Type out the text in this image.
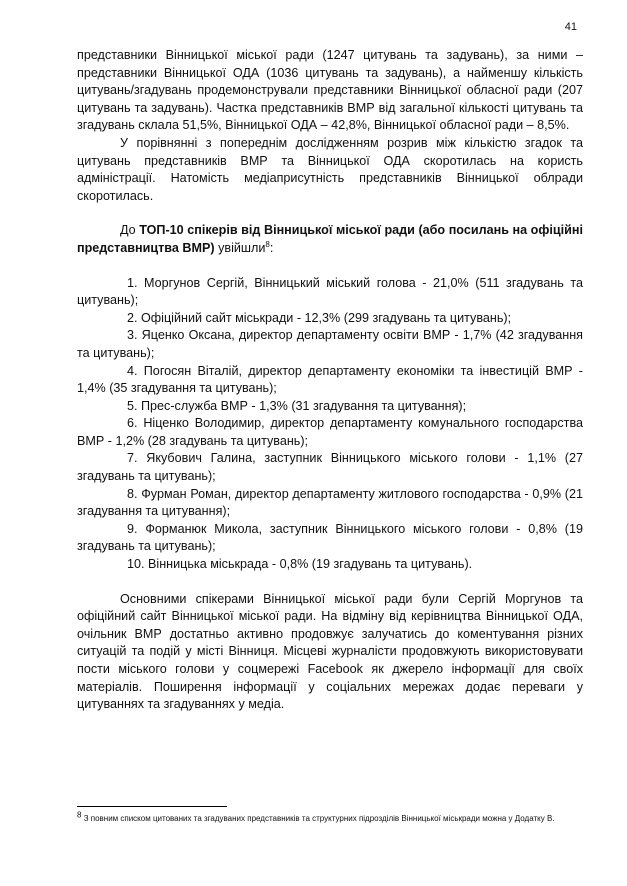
41

представники Вінницької міської ради (1247 цитувань та задувань), за ними – представники Вінницької ОДА (1036 цитувань та задувань), а найменшу кількість цитувань/згадувань продемонстрували представники Вінницької обласної ради (207 цитувань та задувань). Частка представників ВМР від загальної кількості цитувань та згадувань склала 51,5%, Вінницької ОДА – 42,8%, Вінницької обласної ради – 8,5%.

У порівнянні з попереднім дослідженням розрив між кількістю згадок та цитувань представників ВМР та Вінницької ОДА скоротилась на користь адміністрації. Натомість медіаприсутність представників Вінницької облради скоротилась.

До ТОП-10 спікерів від Вінницької міської ради (або посилань на офіційні представництва ВМР) увійшли$^8$:

1. Моргунов Сергій, Вінницький міський голова - 21,0% (511 згадувань та цитувань);

2. Офіційний сайт міськради - 12,3% (299 згадувань та цитувань);

3. Яценко Оксана, директор департаменту освіти ВМР - 1,7% (42 згадування та цитувань);

4. Погосян Віталій, директор департаменту економіки та інвестицій ВМР - 1,4% (35 згадування та цитувань);

5. Прес-служба ВМР - 1,3% (31 згадування та цитування);

6. Ніценко Володимир, директор департаменту комунального господарства ВМР - 1,2% (28 згадувань та цитувань);

7. Якубович Галина, заступник Вінницького міського голови - 1,1% (27 згадувань та цитувань);

8. Фурман Роман, директор департаменту житлового господарства - 0,9% (21 згадування та цитування);

9. Форманюк Микола, заступник Вінницького міського голови - 0,8% (19 згадувань та цитувань);

10. Вінницька міськрада - 0,8% (19 згадувань та цитувань).

Основними спікерами Вінницької міської ради були Сергій Моргунов та офіційний сайт Вінницької міської ради. На відміну від керівництва Вінницької ОДА, очільник ВМР достатньо активно продовжує залучатись до коментування різних ситуацій та подій у місті Вінниця. Місцеві журналісти продовжують використовувати пости міського голови у соцмережі Facebook як джерело інформації для своїх матеріалів. Поширення інформації у соціальних мережах додає переваги у цитуваннях та згадуваннях у медіа.

8 З повним списком цитованих та згадуваних представників та структурних підрозділів Вінницької міськради можна у Додатку В.
